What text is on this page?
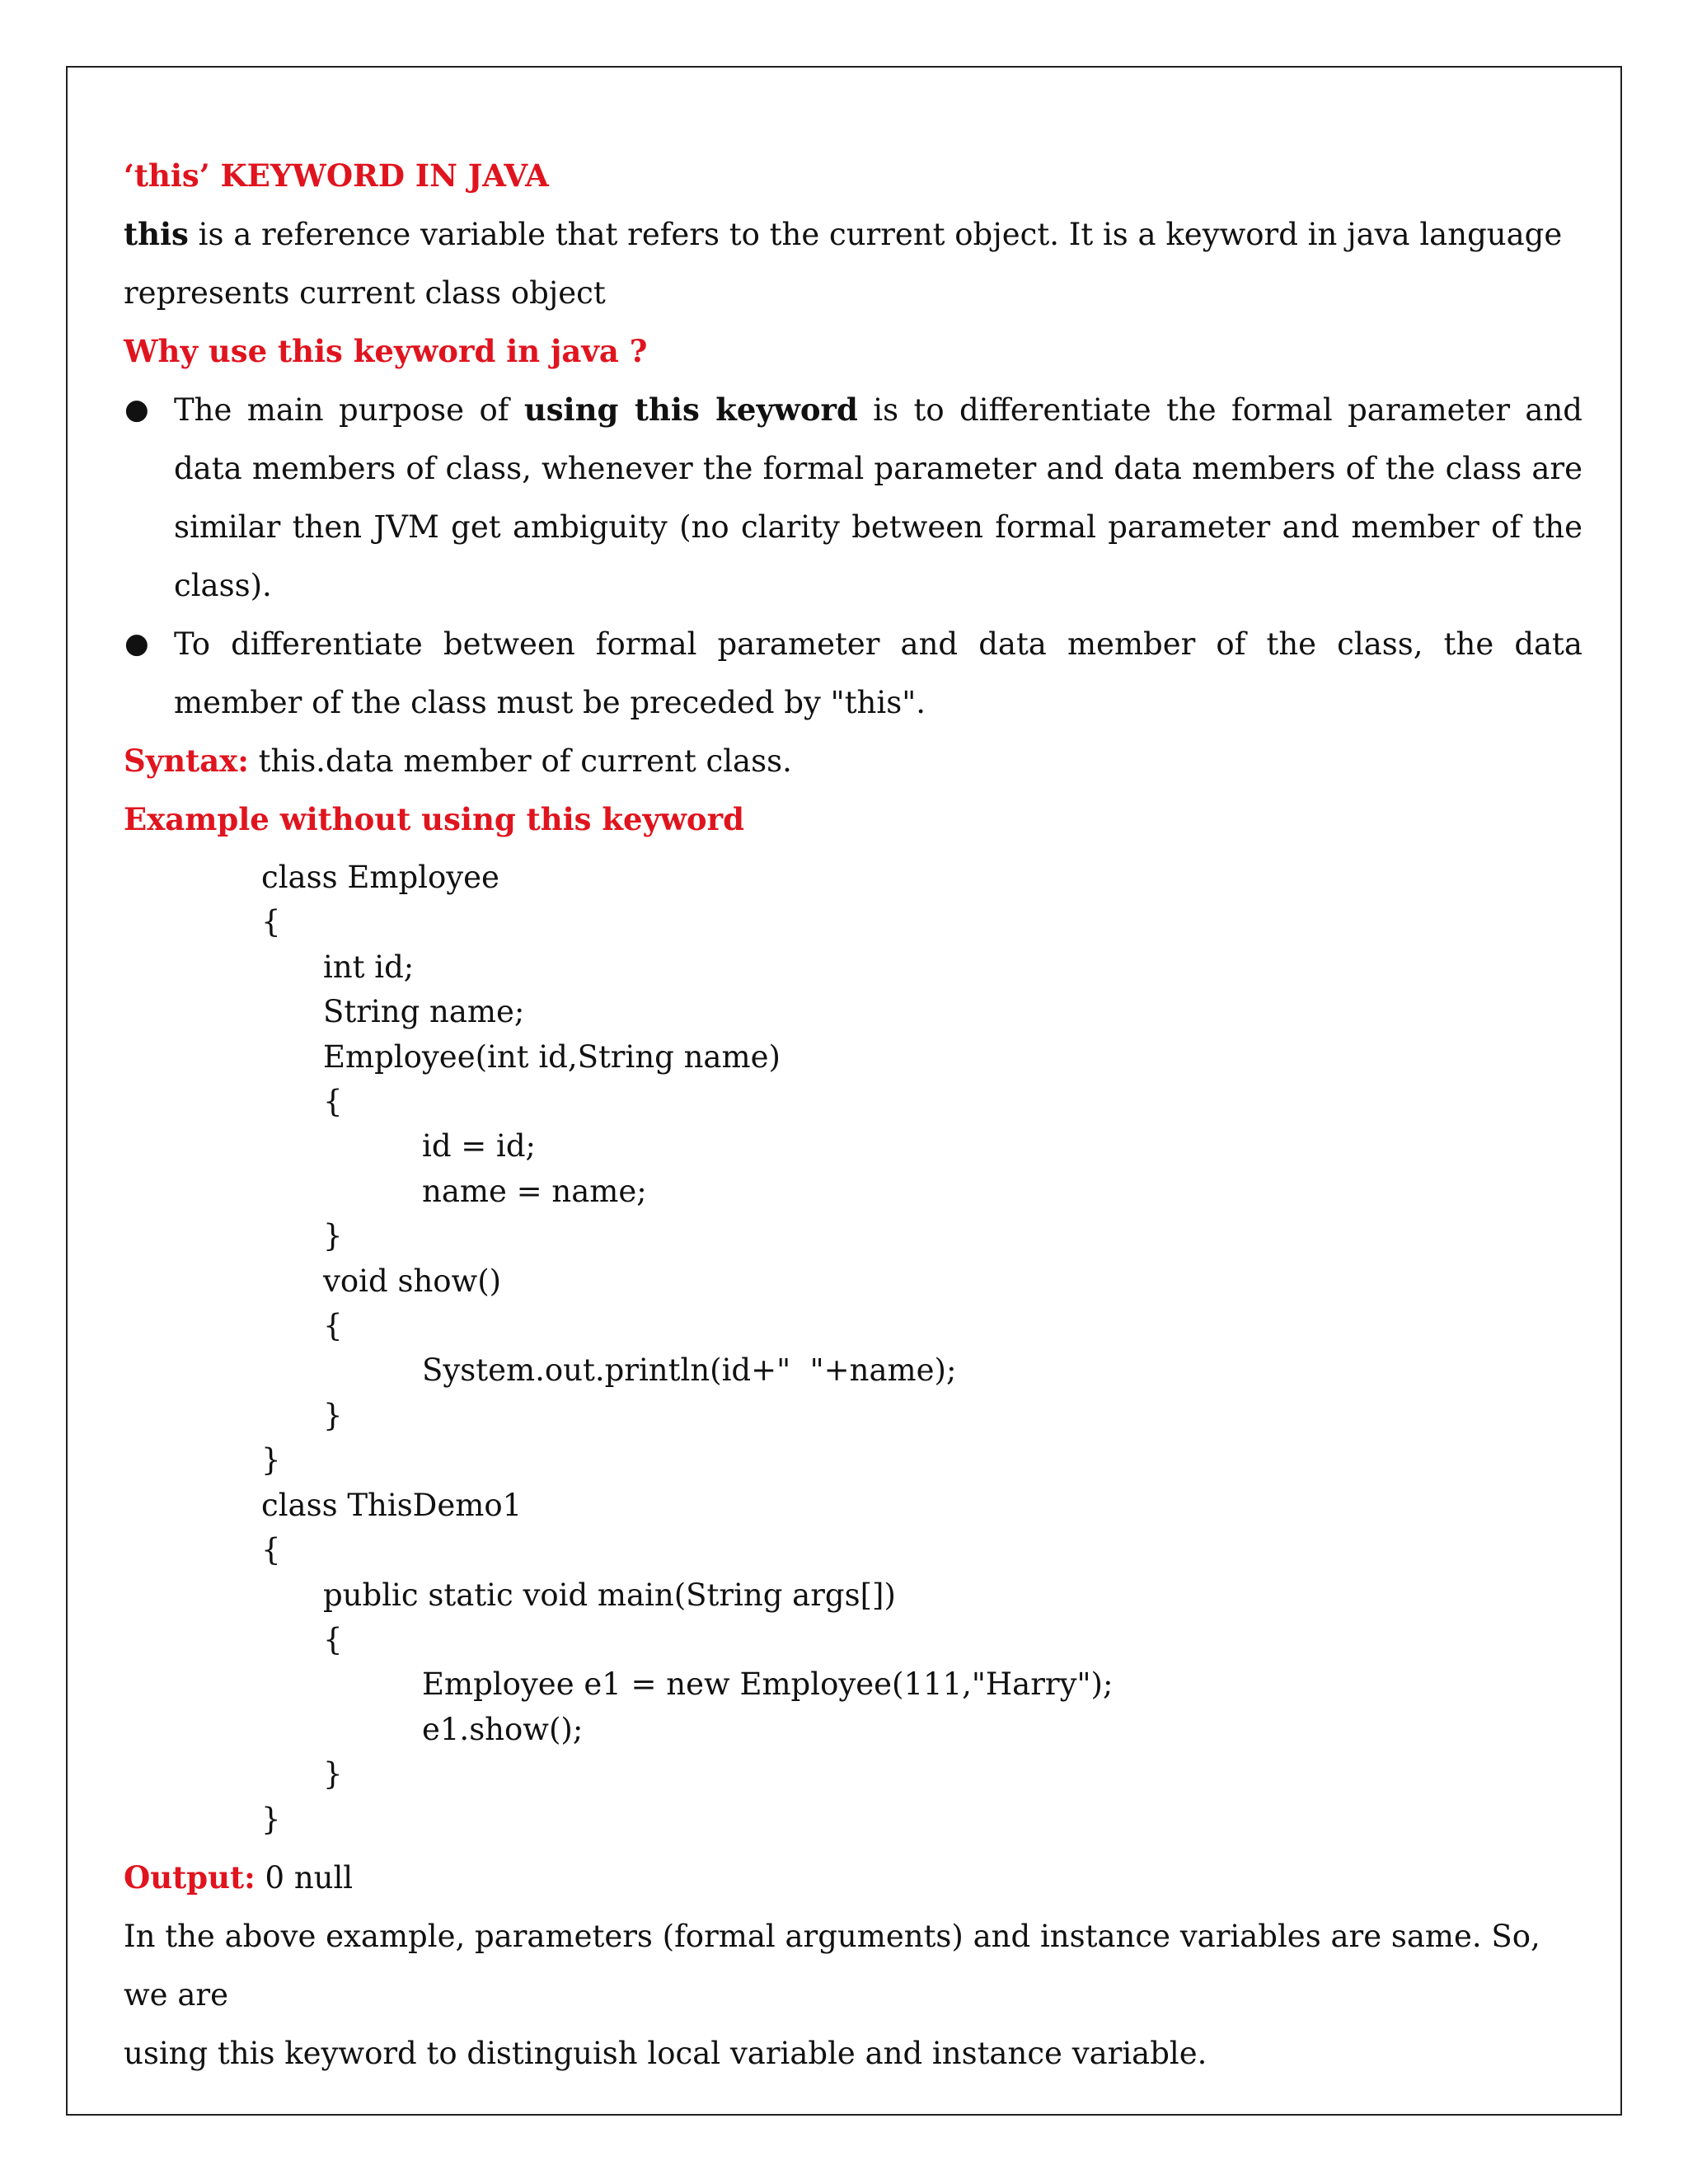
‘this’ KEYWORD IN JAVA

this is a reference variable that refers to the current object. It is a keyword in java language
represents current class object

Why use this keyword in java ?
● The main purpose of using this keyword is to differentiate the formal parameter and data members of class, whenever the formal parameter and data members of the class are similar then JVM get ambiguity (no clarity between formal parameter and member of the class).
● To differentiate between formal parameter and data member of the class, the data member of the class must be preceded by "this".

Syntax: this.data member of current class.

Example without using this keyword
class Employee
{
int id;
String name;
Employee(int id,String name)
{
id = id;
name = name;
}
void show()
{
System.out.println(id+"  "+name);
}
}
class ThisDemo1
{
public static void main(String args[])
{
Employee e1 = new Employee(111,"Harry");
e1.show();
}
}

Output: 0 null

In the above example, parameters (formal arguments) and instance variables are same. So, we are
using this keyword to distinguish local variable and instance variable.
